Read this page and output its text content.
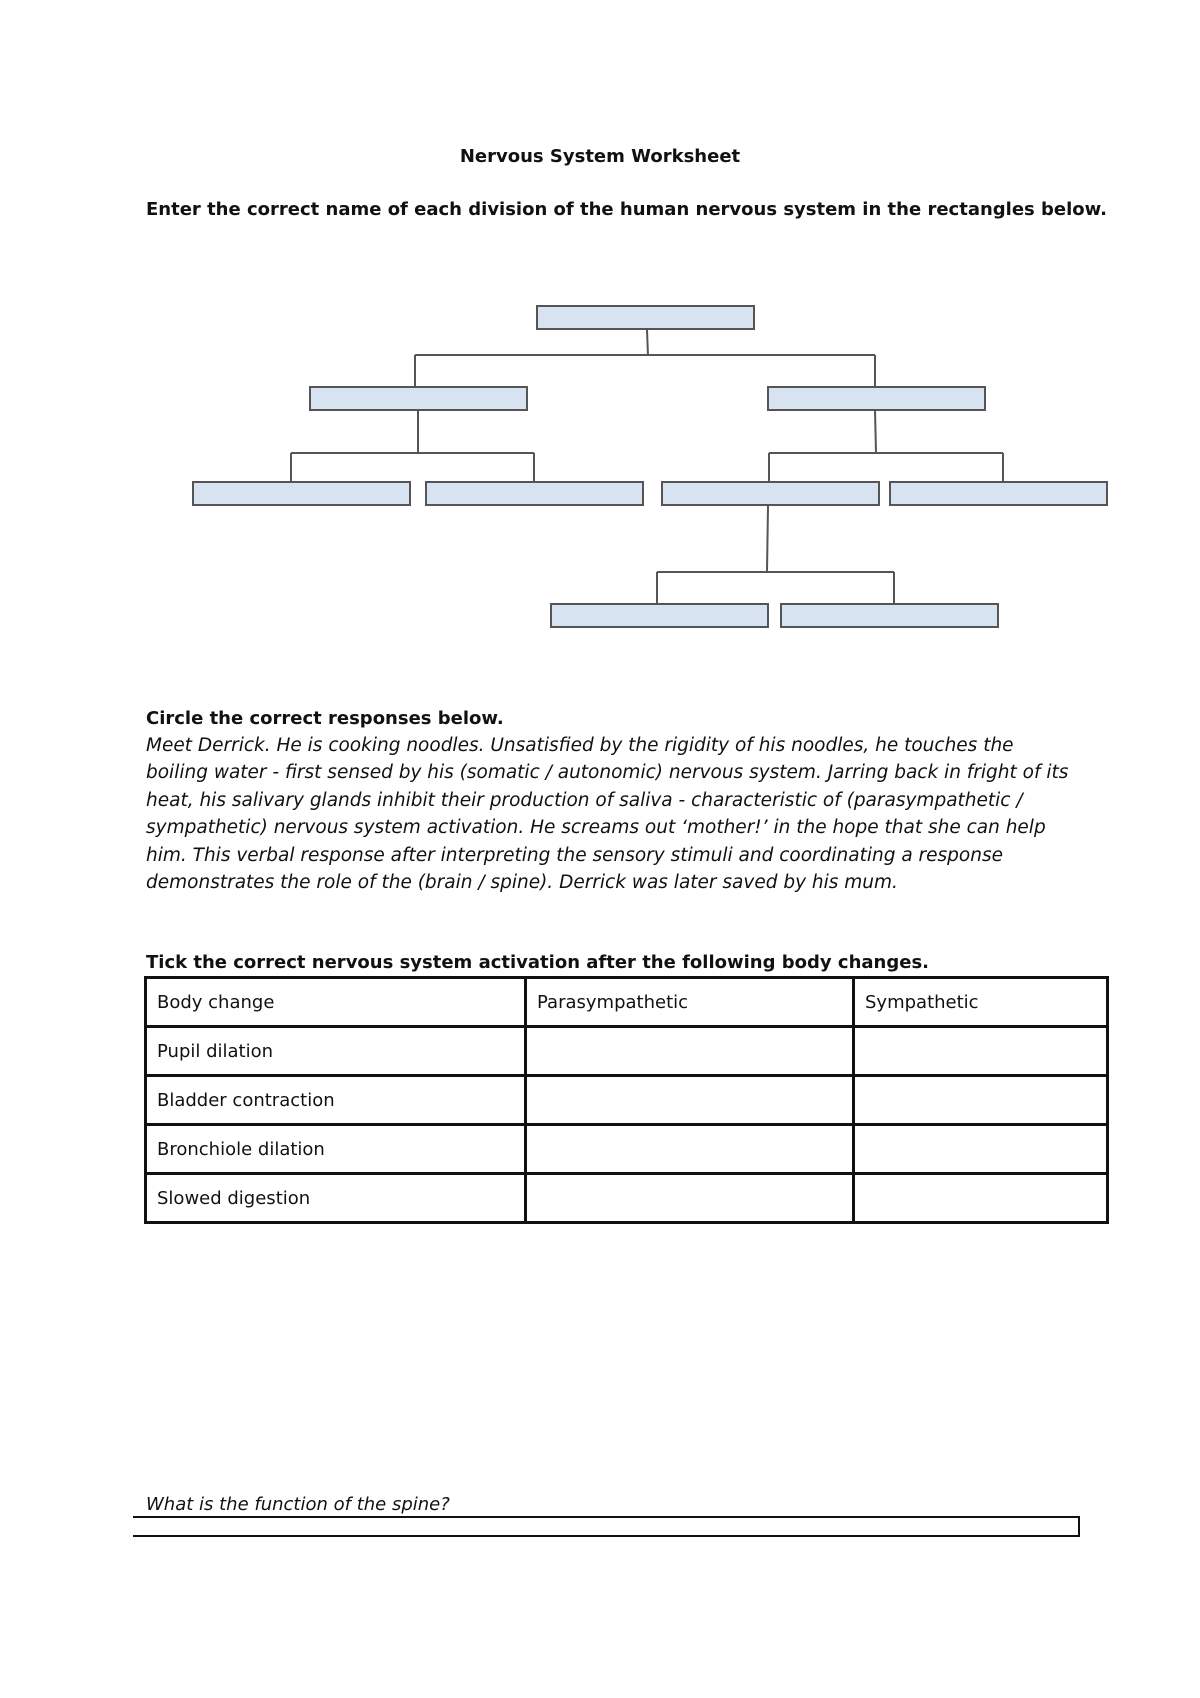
Nervous System Worksheet
Enter the correct name of each division of the human nervous system in the rectangles below.
Circle the correct responses below.

Meet Derrick. He is cooking noodles. Unsatisfied by the rigidity of his noodles, he touches the boiling water - first sensed by his (somatic / autonomic) nervous system. Jarring back in fright of its heat, his salivary glands inhibit their production of saliva - characteristic of (parasympathetic / sympathetic) nervous system activation. He screams out ‘mother!’ in the hope that she can help him. This verbal response after interpreting the sensory stimuli and coordinating a response demonstrates the role of the (brain / spine). Derrick was later saved by his mum.

Tick the correct nervous system activation after the following body changes.
Body change	Parasympathetic	Sympathetic
Pupil dilation		
Bladder contraction		
Bronchiole dilation		
Slowed digestion		
What is the function of the spine?
